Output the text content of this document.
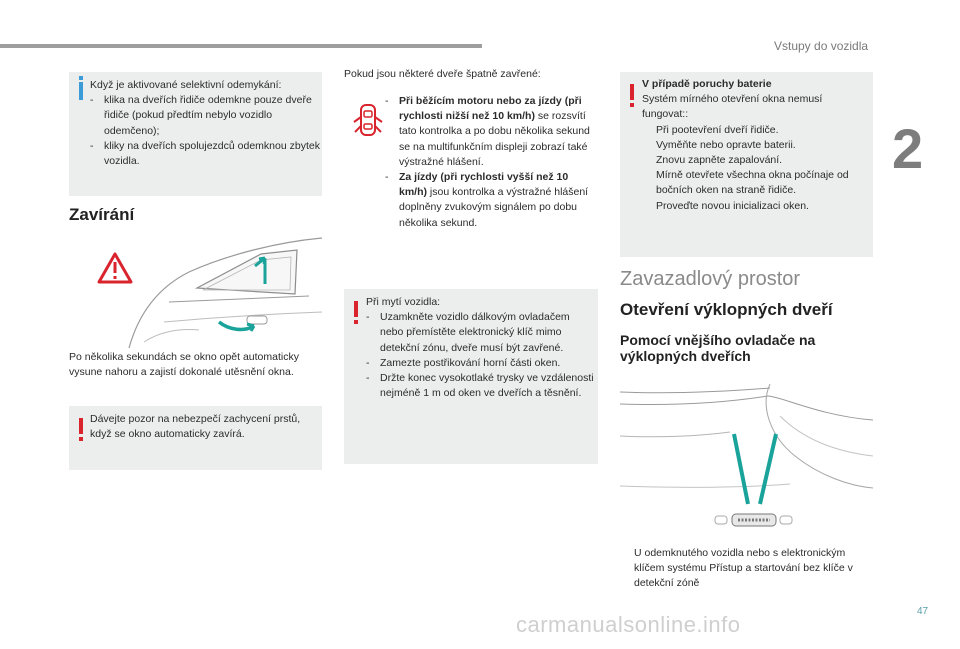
Vstupy do vozidla
2
47
carmanualsonline.info
Když je aktivované selektivní odemykání:
- klika na dveřích řidiče odemkne pouze dveře řidiče (pokud předtím nebylo vozidlo odemčeno);
- kliky na dveřích spolujezdců odemknou zbytek vozidla.
Zavírání
Po několika sekundách se okno opět automaticky vysune nahoru a zajistí dokonalé utěsnění okna.
Dávejte pozor na nebezpečí zachycení prstů, když se okno automaticky zavírá.
Pokud jsou některé dveře špatně zavřené:
- Při běžícím motoru nebo za jízdy (při rychlosti nižší než 10 km/h) se rozsvítí tato kontrolka a po dobu několika sekund se na multifunkčním displeji zobrazí také výstražné hlášení.
- Za jízdy (při rychlosti vyšší než 10 km/h) jsou kontrolka a výstražné hlášení doplněny zvukovým signálem po dobu několika sekund.
Při mytí vozidla:
- Uzamkněte vozidlo dálkovým ovladačem nebo přemístěte elektronický klíč mimo detekční zónu, dveře musí být zavřené.
- Zamezte postřikování horní části oken.
- Držte konec vysokotlaké trysky ve vzdálenosti nejméně 1 m od oken ve dveřích a těsnění.
V případě poruchy baterie
Systém mírného otevření okna nemusí fungovat::
Při pootevření dveří řidiče.
Vyměňte nebo opravte baterii.
Znovu zapněte zapalování.
Mírně otevřete všechna okna počínaje od bočních oken na straně řidiče.
Proveďte novou inicializaci oken.
Zavazadlový prostor
Otevření výklopných dveří
Pomocí vnějšího ovladače na výklopných dveřích
U odemknutého vozidla nebo s elektronickým klíčem systému Přístup a startování bez klíče v detekční zóně
